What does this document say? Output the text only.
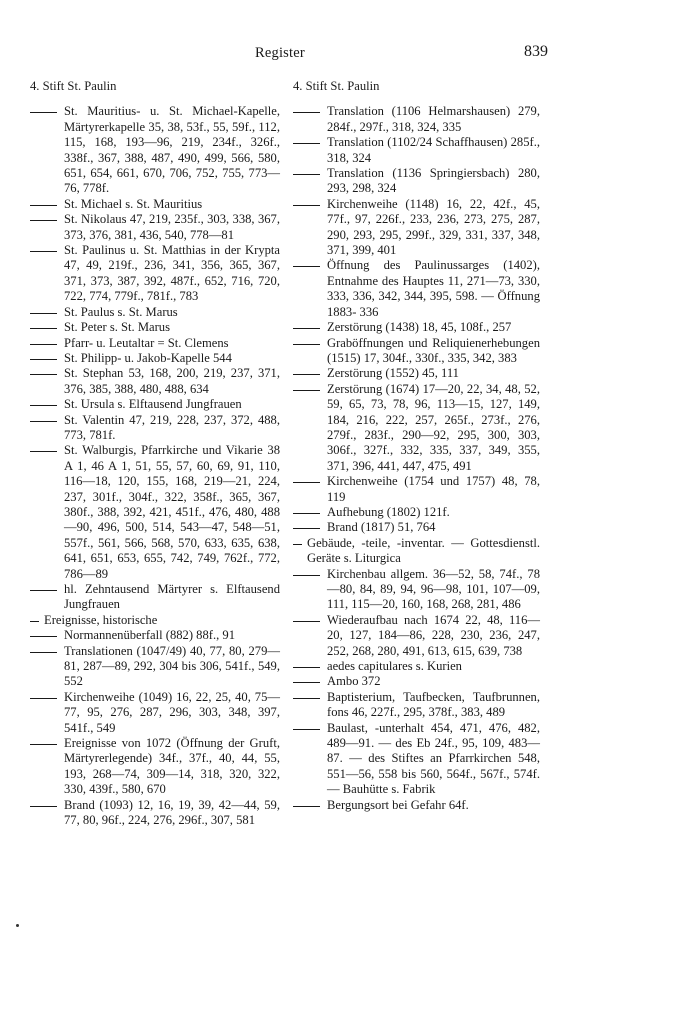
Register	839
4. Stift St. Paulin
St. Mauritius- u. St. Michael-Kapelle, Märtyrerkapelle 35, 38, 53f., 55, 59f., 112, 115, 168, 193—96, 219, 234f., 326f., 338f., 367, 388, 487, 490, 499, 566, 580, 651, 654, 661, 670, 706, 752, 755, 773—76, 778f.
St. Michael s. St. Mauritius
St. Nikolaus 47, 219, 235f., 303, 338, 367, 373, 376, 381, 436, 540, 778—81
St. Paulinus u. St. Matthias in der Krypta 47, 49, 219f., 236, 341, 356, 365, 367, 371, 373, 387, 392, 487f., 652, 716, 720, 722, 774, 779f., 781f., 783
St. Paulus s. St. Marus
St. Peter s. St. Marus
Pfarr- u. Leutaltar = St. Clemens
St. Philipp- u. Jakob-Kapelle 544
St. Stephan 53, 168, 200, 219, 237, 371, 376, 385, 388, 480, 488, 634
St. Ursula s. Elftausend Jungfrauen
St. Valentin 47, 219, 228, 237, 372, 488, 773, 781f.
St. Walburgis, Pfarrkirche und Vikarie 38 A 1, 46 A 1, 51, 55, 57, 60, 69, 91, 110, 116—18, 120, 155, 168, 219—21, 224, 237, 301f., 304f., 322, 358f., 365, 367, 380f., 388, 392, 421, 451f., 476, 480, 488—90, 496, 500, 514, 543—47, 548—51, 557f., 561, 566, 568, 570, 633, 635, 638, 641, 651, 653, 655, 742, 749, 762f., 772, 786—89
hl. Zehntausend Märtyrer s. Elftausend Jungfrauen
Ereignisse, historische
Normannenüberfall (882) 88f., 91
Translationen (1047/49) 40, 77, 80, 279—81, 287—89, 292, 304 bis 306, 541f., 549, 552
Kirchenweihe (1049) 16, 22, 25, 40, 75—77, 95, 276, 287, 296, 303, 348, 397, 541f., 549
Ereignisse von 1072 (Öffnung der Gruft, Märtyrerlegende) 34f., 37f., 40, 44, 55, 193, 268—74, 309—14, 318, 320, 322, 330, 439f., 580, 670
Brand (1093) 12, 16, 19, 39, 42—44, 59, 77, 80, 96f., 224, 276, 296f., 307, 581
4. Stift St. Paulin
Translation (1106 Helmarshausen) 279, 284f., 297f., 318, 324, 335
Translation (1102/24 Schaffhausen) 285f., 318, 324
Translation (1136 Springiersbach) 280, 293, 298, 324
Kirchenweihe (1148) 16, 22, 42f., 45, 77f., 97, 226f., 233, 236, 273, 275, 287, 290, 293, 295, 299f., 329, 331, 337, 348, 371, 399, 401
Öffnung des Paulinussarges (1402), Entnahme des Hauptes 11, 271—73, 330, 333, 336, 342, 344, 395, 598. — Öffnung 1883- 336
Zerstörung (1438) 18, 45, 108f., 257
Graböffnungen und Reliquienerhebungen (1515) 17, 304f., 330f., 335, 342, 383
Zerstörung (1552) 45, 111
Zerstörung (1674) 17—20, 22, 34, 48, 52, 59, 65, 73, 78, 96, 113—15, 127, 149, 184, 216, 222, 257, 265f., 273f., 276, 279f., 283f., 290—92, 295, 300, 303, 306f., 327f., 332, 335, 337, 349, 355, 371, 396, 441, 447, 475, 491
Kirchenweihe (1754 und 1757) 48, 78, 119
Aufhebung (1802) 121f.
Brand (1817) 51, 764
Gebäude, -teile, -inventar. — Gottesdienstl. Geräte s. Liturgica
Kirchenbau allgem. 36—52, 58, 74f., 78—80, 84, 89, 94, 96—98, 101, 107—09, 111, 115—20, 160, 168, 268, 281, 486
Wiederaufbau nach 1674 22, 48, 116—20, 127, 184—86, 228, 230, 236, 247, 252, 268, 280, 491, 613, 615, 639, 738
aedes capitulares s. Kurien
Ambo 372
Baptisterium, Taufbecken, Taufbrunnen, fons 46, 227f., 295, 378f., 383, 489
Baulast, -unterhalt 454, 471, 476, 482, 489—91. — des Eb 24f., 95, 109, 483—87. — des Stiftes an Pfarrkirchen 548, 551—56, 558 bis 560, 564f., 567f., 574f. — Bauhütte s. Fabrik
Bergungsort bei Gefahr 64f.
